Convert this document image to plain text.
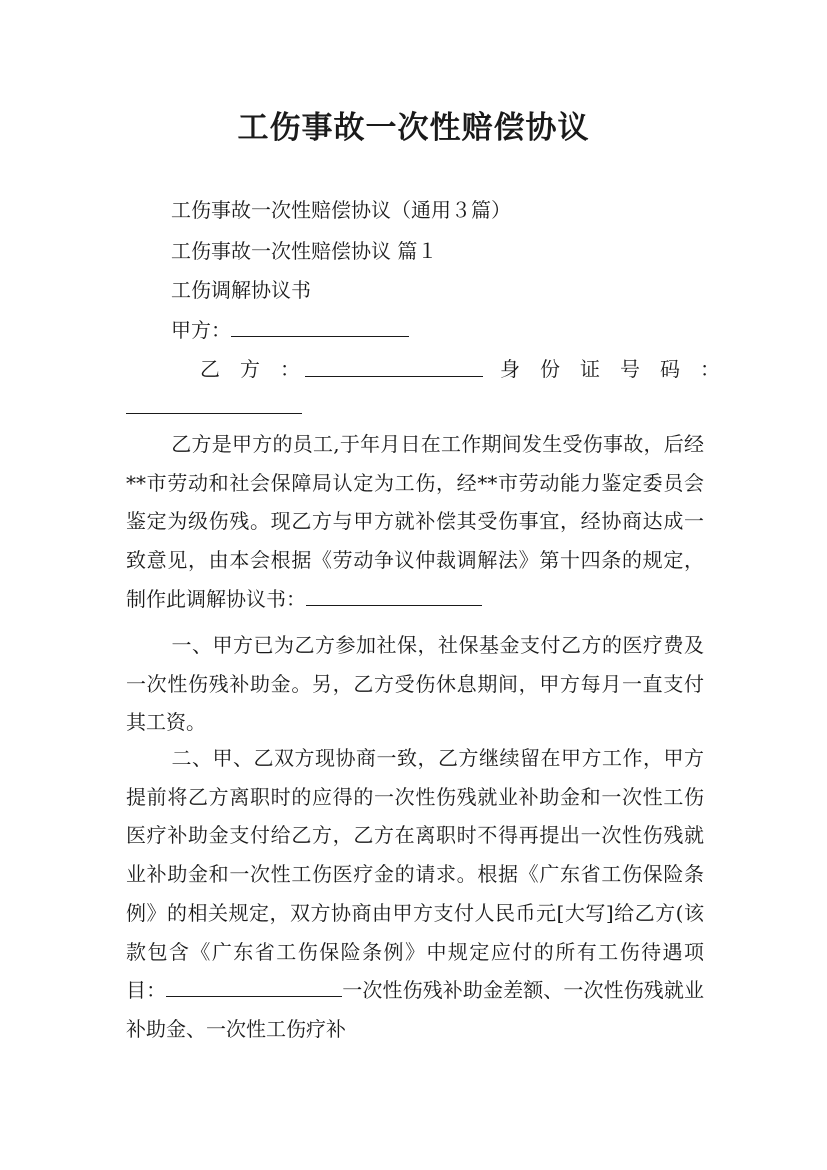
工伤事故一次性赔偿协议
工伤事故一次性赔偿协议（通用３篇）
工伤事故一次性赔偿协议 篇１
工伤调解协议书
甲方：
乙　方　：	身　份　证　号　码　：
乙方是甲方的员工,于年月日在工作期间发生受伤事故，后经**市劳动和社会保障局认定为工伤，经**市劳动能力鉴定委员会鉴定为级伤残。现乙方与甲方就补偿其受伤事宜，经协商达成一致意见，由本会根据《劳动争议仲裁调解法》第十四条的规定，制作此调解协议书：
一、甲方已为乙方参加社保，社保基金支付乙方的医疗费及一次性伤残补助金。另，乙方受伤休息期间，甲方每月一直支付其工资。
二、甲、乙双方现协商一致，乙方继续留在甲方工作，甲方提前将乙方离职时的应得的一次性伤残就业补助金和一次性工伤医疗补助金支付给乙方，乙方在离职时不得再提出一次性伤残就业补助金和一次性工伤医疗金的请求。根据《广东省工伤保险条例》的相关规定，双方协商由甲方支付人民币元[大写]给乙方(该款包含《广东省工伤保险条例》中规定应付的所有工伤待遇项目：	一次性伤残补助金差额、一次性伤残就业补助金、一次性工伤疗补
